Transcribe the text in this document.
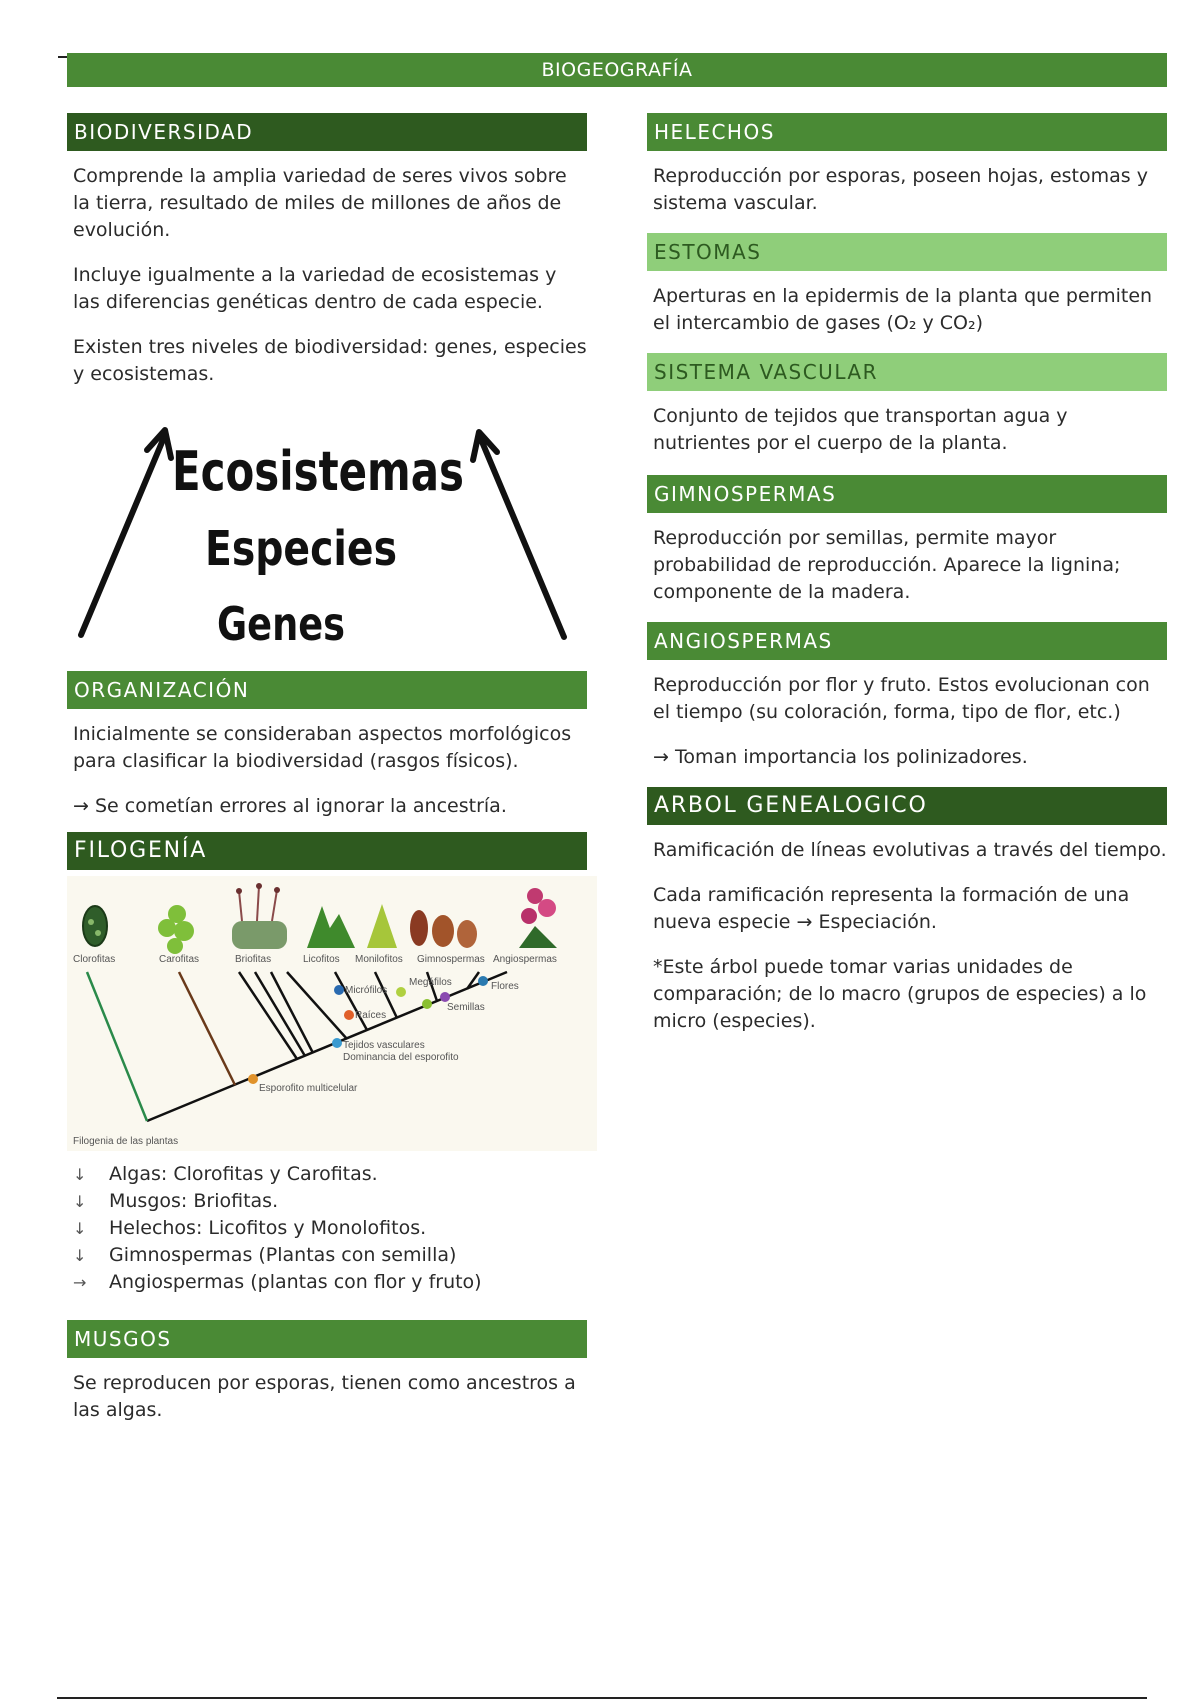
BIOGEOGRAFÍA
BIODIVERSIDAD

Comprende la amplia variedad de seres vivos sobre la tierra, resultado de miles de millones de años de evolución.

Incluye igualmente a la variedad de ecosistemas y las diferencias genéticas dentro de cada especie.

Existen tres niveles de biodiversidad: genes, especies y ecosistemas.

Ecosistemas
Especies
Genes
ORGANIZACIÓN

Inicialmente se consideraban aspectos morfológicos para clasificar la biodiversidad (rasgos físicos).

→ Se cometían errores al ignorar la ancestría.

FILOGENÍA
Clorofitas	Carofitas	Briofitas	Licofitos Monilofitos Gimnospermas Angiospermas
Micrófilos
Megáfilos	Flores
Raíces
Semillas
Tejidos vasculares
Dominancia del esporofito
Esporofito multicelular
Filogenia de las plantas
↓	Algas: Clorofitas y Carofitas.
↓	Musgos: Briofitas.
↓	Helechos: Licofitos y Monolofitos.
↓	Gimnospermas (Plantas con semilla)
→	Angiospermas (plantas con flor y fruto)
MUSGOS

Se reproducen por esporas, tienen como ancestros a las algas.

HELECHOS

Reproducción por esporas, poseen hojas, estomas y sistema vascular.

ESTOMAS

Aperturas en la epidermis de la planta que permiten el intercambio de gases (O₂ y CO₂)

SISTEMA VASCULAR

Conjunto de tejidos que transportan agua y nutrientes por el cuerpo de la planta.

GIMNOSPERMAS

Reproducción por semillas, permite mayor probabilidad de reproducción. Aparece la lignina; componente de la madera.

ANGIOSPERMAS

Reproducción por flor y fruto. Estos evolucionan con el tiempo (su coloración, forma, tipo de flor, etc.)

→ Toman importancia los polinizadores.

ARBOL GENEALOGICO

Ramificación de líneas evolutivas a través del tiempo.

Cada ramificación representa la formación de una nueva especie → Especiación.

*Este árbol puede tomar varias unidades de comparación; de lo macro (grupos de especies) a lo micro (especies).
